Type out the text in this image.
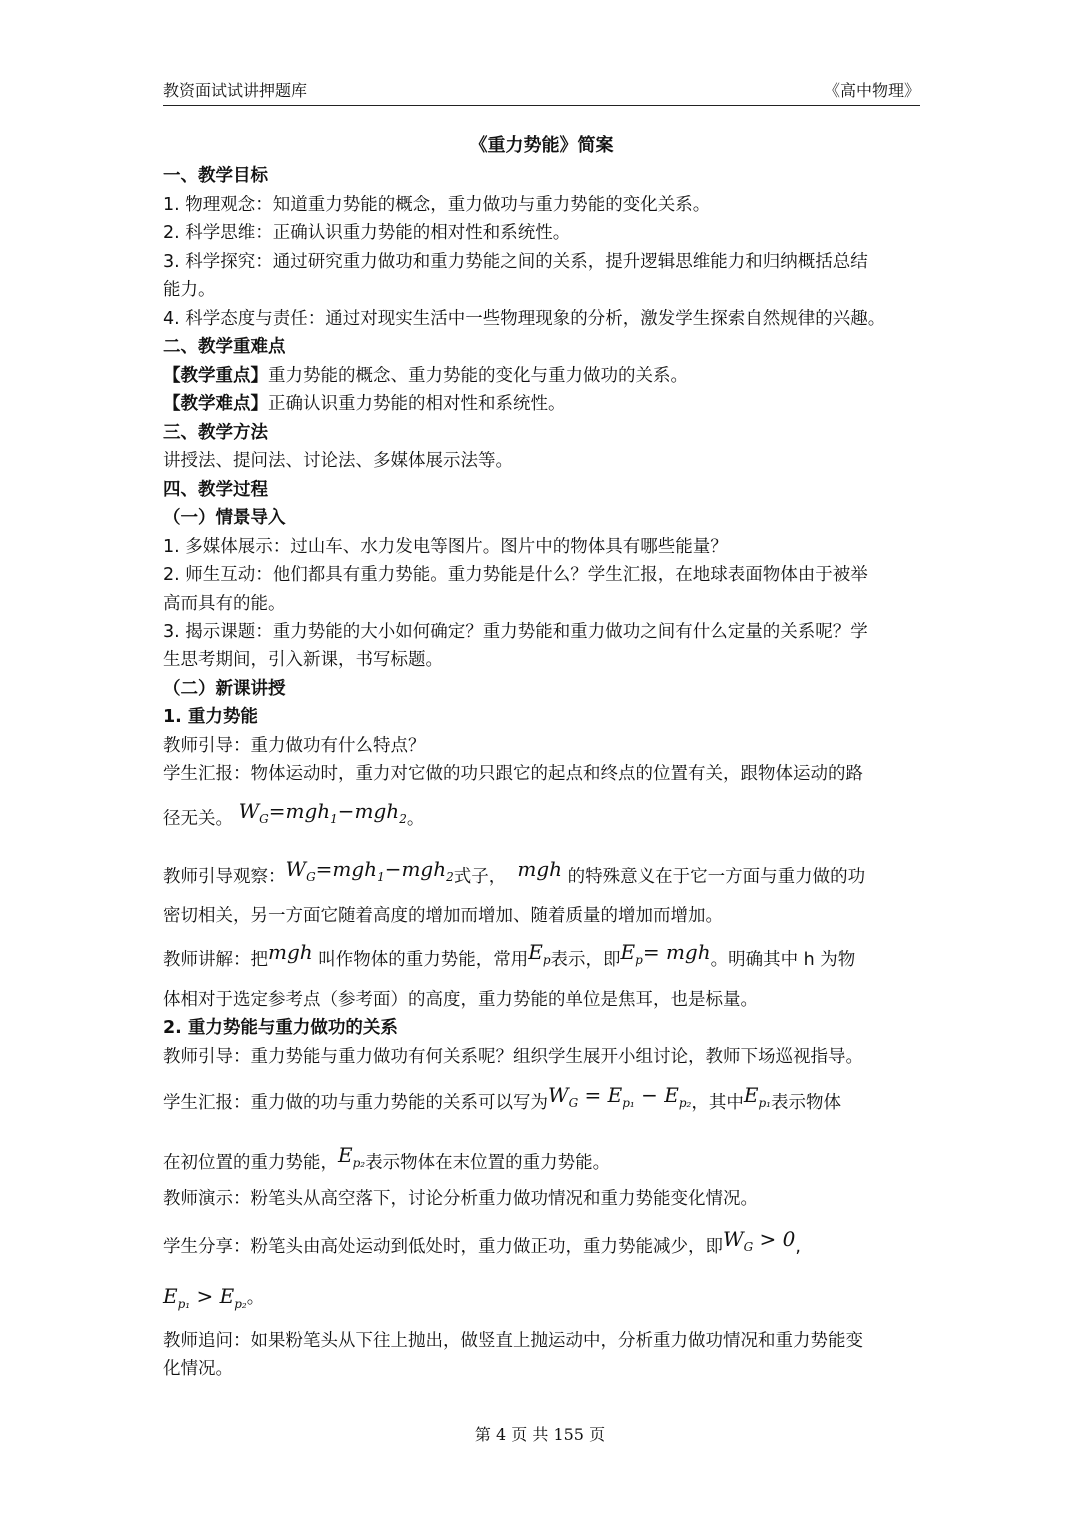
教资面试试讲押题库	《高中物理》
《重力势能》简案
一、教学目标
1. 物理观念：知道重力势能的概念，重力做功与重力势能的变化关系。
2. 科学思维：正确认识重力势能的相对性和系统性。
3. 科学探究：通过研究重力做功和重力势能之间的关系，提升逻辑思维能力和归纳概括总结
能力。
4. 科学态度与责任：通过对现实生活中一些物理现象的分析，激发学生探索自然规律的兴趣。
二、教学重难点
【教学重点】重力势能的概念、重力势能的变化与重力做功的关系。
【教学难点】正确认识重力势能的相对性和系统性。
三、教学方法
讲授法、提问法、讨论法、多媒体展示法等。
四、教学过程
（一）情景导入
1. 多媒体展示：过山车、水力发电等图片。图片中的物体具有哪些能量？
2. 师生互动：他们都具有重力势能。重力势能是什么？学生汇报，在地球表面物体由于被举
高而具有的能。
3. 揭示课题：重力势能的大小如何确定？重力势能和重力做功之间有什么定量的关系呢？学
生思考期间，引入新课，书写标题。
（二）新课讲授
1. 重力势能
教师引导：重力做功有什么特点？
学生汇报：物体运动时，重力对它做的功只跟它的起点和终点的位置有关，跟物体运动的路
径无关。 $W_G=mgh_1-mgh_2$。
教师引导观察：$W_G=mgh_1-mgh_2$式子， mgh 的特殊意义在于它一方面与重力做的功
密切相关，另一方面它随着高度的增加而增加、随着质量的增加而增加。
教师讲解：把mgh 叫作物体的重力势能，常用$E_p$表示，即$E_p=$ mgh。明确其中 h 为物
体相对于选定参考点（参考面）的高度，重力势能的单位是焦耳，也是标量。
2. 重力势能与重力做功的关系
教师引导：重力势能与重力做功有何关系呢？组织学生展开小组讨论，教师下场巡视指导。
学生汇报：重力做的功与重力势能的关系可以写为$W_G = E_{p_1} - E_{p_2}$，其中$E_{p_1}$表示物体
在初位置的重力势能，$E_{p_2}$表示物体在末位置的重力势能。
教师演示：粉笔头从高空落下，讨论分析重力做功情况和重力势能变化情况。
学生分享：粉笔头由高处运动到低处时，重力做正功，重力势能减少，即$W_G > 0$,
$E_{p_1} > E_{p_2}$。
教师追问：如果粉笔头从下往上抛出，做竖直上抛运动中，分析重力做功情况和重力势能变
化情况。
第 4 页 共 155 页
